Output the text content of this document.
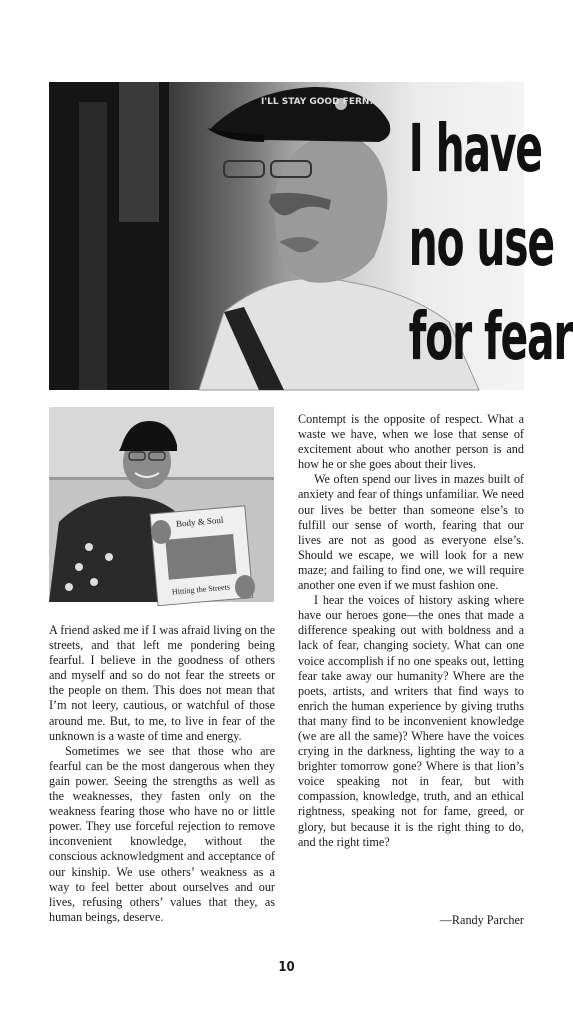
I'LL STAY GOOD FERN!
I have
no use
for fear
Body & Soul
Hitting the Streets

A friend asked me if I was afraid living on the streets, and that left me pondering being fearful. I believe in the goodness of others and myself and so do not fear the streets or the people on them. This does not mean that I’m not leery, cautious, or watchful of those around me. But, to me, to live in fear of the unknown is a waste of time and energy.

Sometimes we see that those who are fearful can be the most dangerous when they gain power. Seeing the strengths as well as the weaknesses, they fasten only on the weakness fearing those who have no or little power. They use forceful rejection to remove inconvenient knowledge, without the conscious acknowledgment and acceptance of our kinship. We use others’ weakness as a way to feel better about ourselves and our lives, refusing others’ values that they, as human beings, deserve.

Contempt is the opposite of respect. What a waste we have, when we lose that sense of excitement about who another person is and how he or she goes about their lives.

We often spend our lives in mazes built of anxiety and fear of things unfamiliar. We need our lives be better than someone else’s to fulfill our sense of worth, fearing that our lives are not as good as everyone else’s. Should we escape, we will look for a new maze; and failing to find one, we will require another one even if we must fashion one.

I hear the voices of history asking where have our heroes gone—the ones that made a difference speaking out with boldness and a lack of fear, changing society. What can one voice accomplish if no one speaks out, letting fear take away our humanity? Where are the poets, artists, and writers that find ways to enrich the human experience by giving truths that many find to be inconvenient knowledge (we are all the same)? Where have the voices crying in the darkness, lighting the way to a brighter tomorrow gone? Where is that lion’s voice speaking not in fear, but with compassion, knowledge, truth, and an ethical rightness, speaking not for fame, greed, or glory, but because it is the right thing to do, and the right time?

—Randy Parcher
10
